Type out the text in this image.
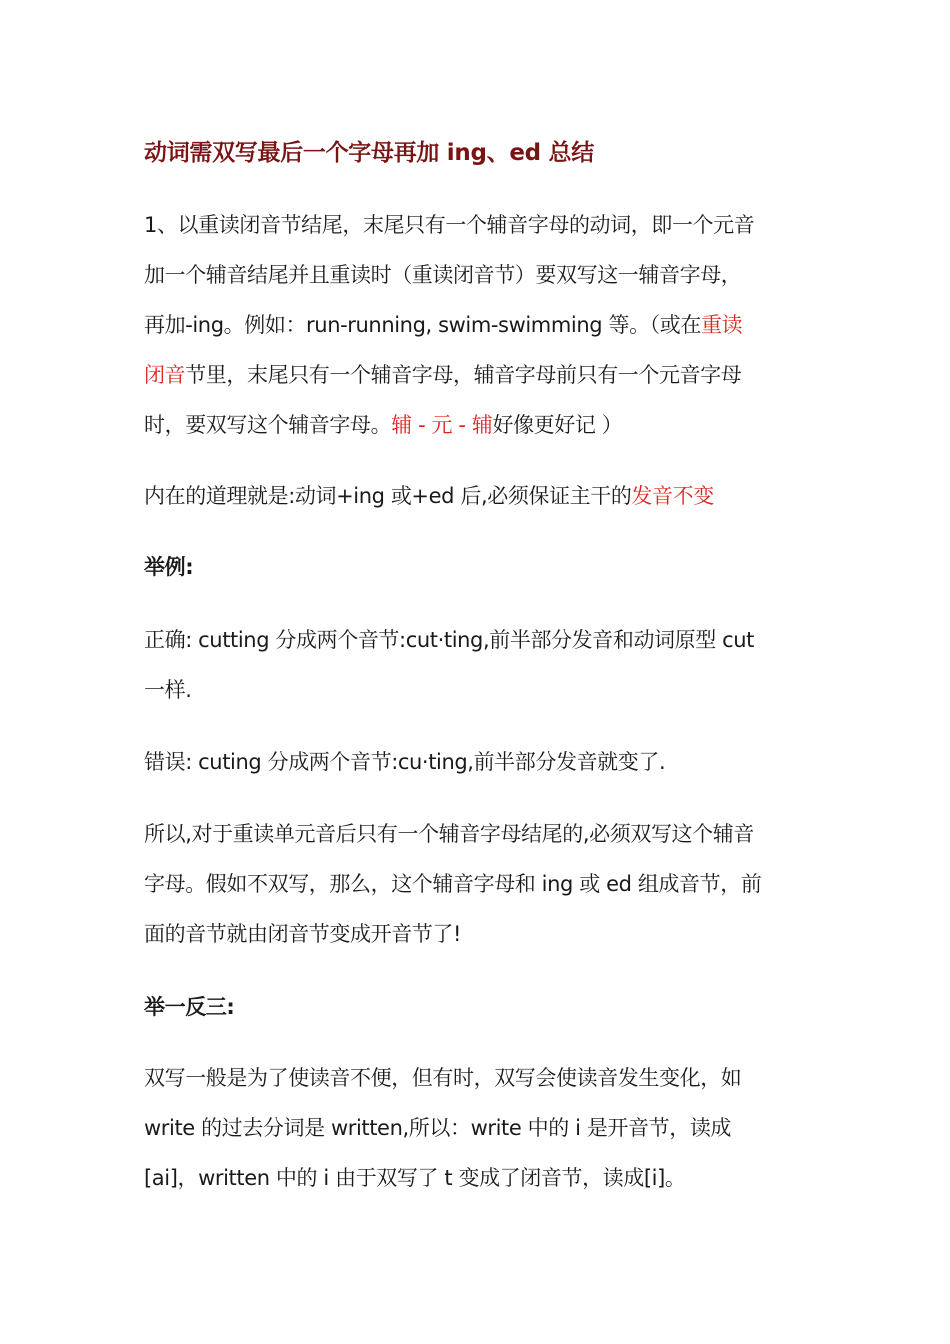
动词需双写最后一个字母再加 ing、ed 总结
1、以重读闭音节结尾，末尾只有一个辅音字母的动词，即一个元音
加一个辅音结尾并且重读时（重读闭音节）要双写这一辅音字母，
再加-ing。例如：run-running, swim-swimming 等。（或在重读
闭音节里，末尾只有一个辅音字母，辅音字母前只有一个元音字母
时，要双写这个辅音字母。辅 - 元 - 辅好像更好记 ）
内在的道理就是:动词+ing 或+ed 后,必须保证主干的发音不变
举例:
正确: cutting 分成两个音节:cut·ting,前半部分发音和动词原型 cut
一样.
错误: cuting 分成两个音节:cu·ting,前半部分发音就变了.
所以,对于重读单元音后只有一个辅音字母结尾的,必须双写这个辅音
字母。假如不双写，那么，这个辅音字母和 ing 或 ed 组成音节，前
面的音节就由闭音节变成开音节了!
举一反三:
双写一般是为了使读音不便，但有时，双写会使读音发生变化，如
write 的过去分词是 written,所以：write 中的 i 是开音节，读成
[ai]，written 中的 i 由于双写了 t 变成了闭音节，读成[i]。
